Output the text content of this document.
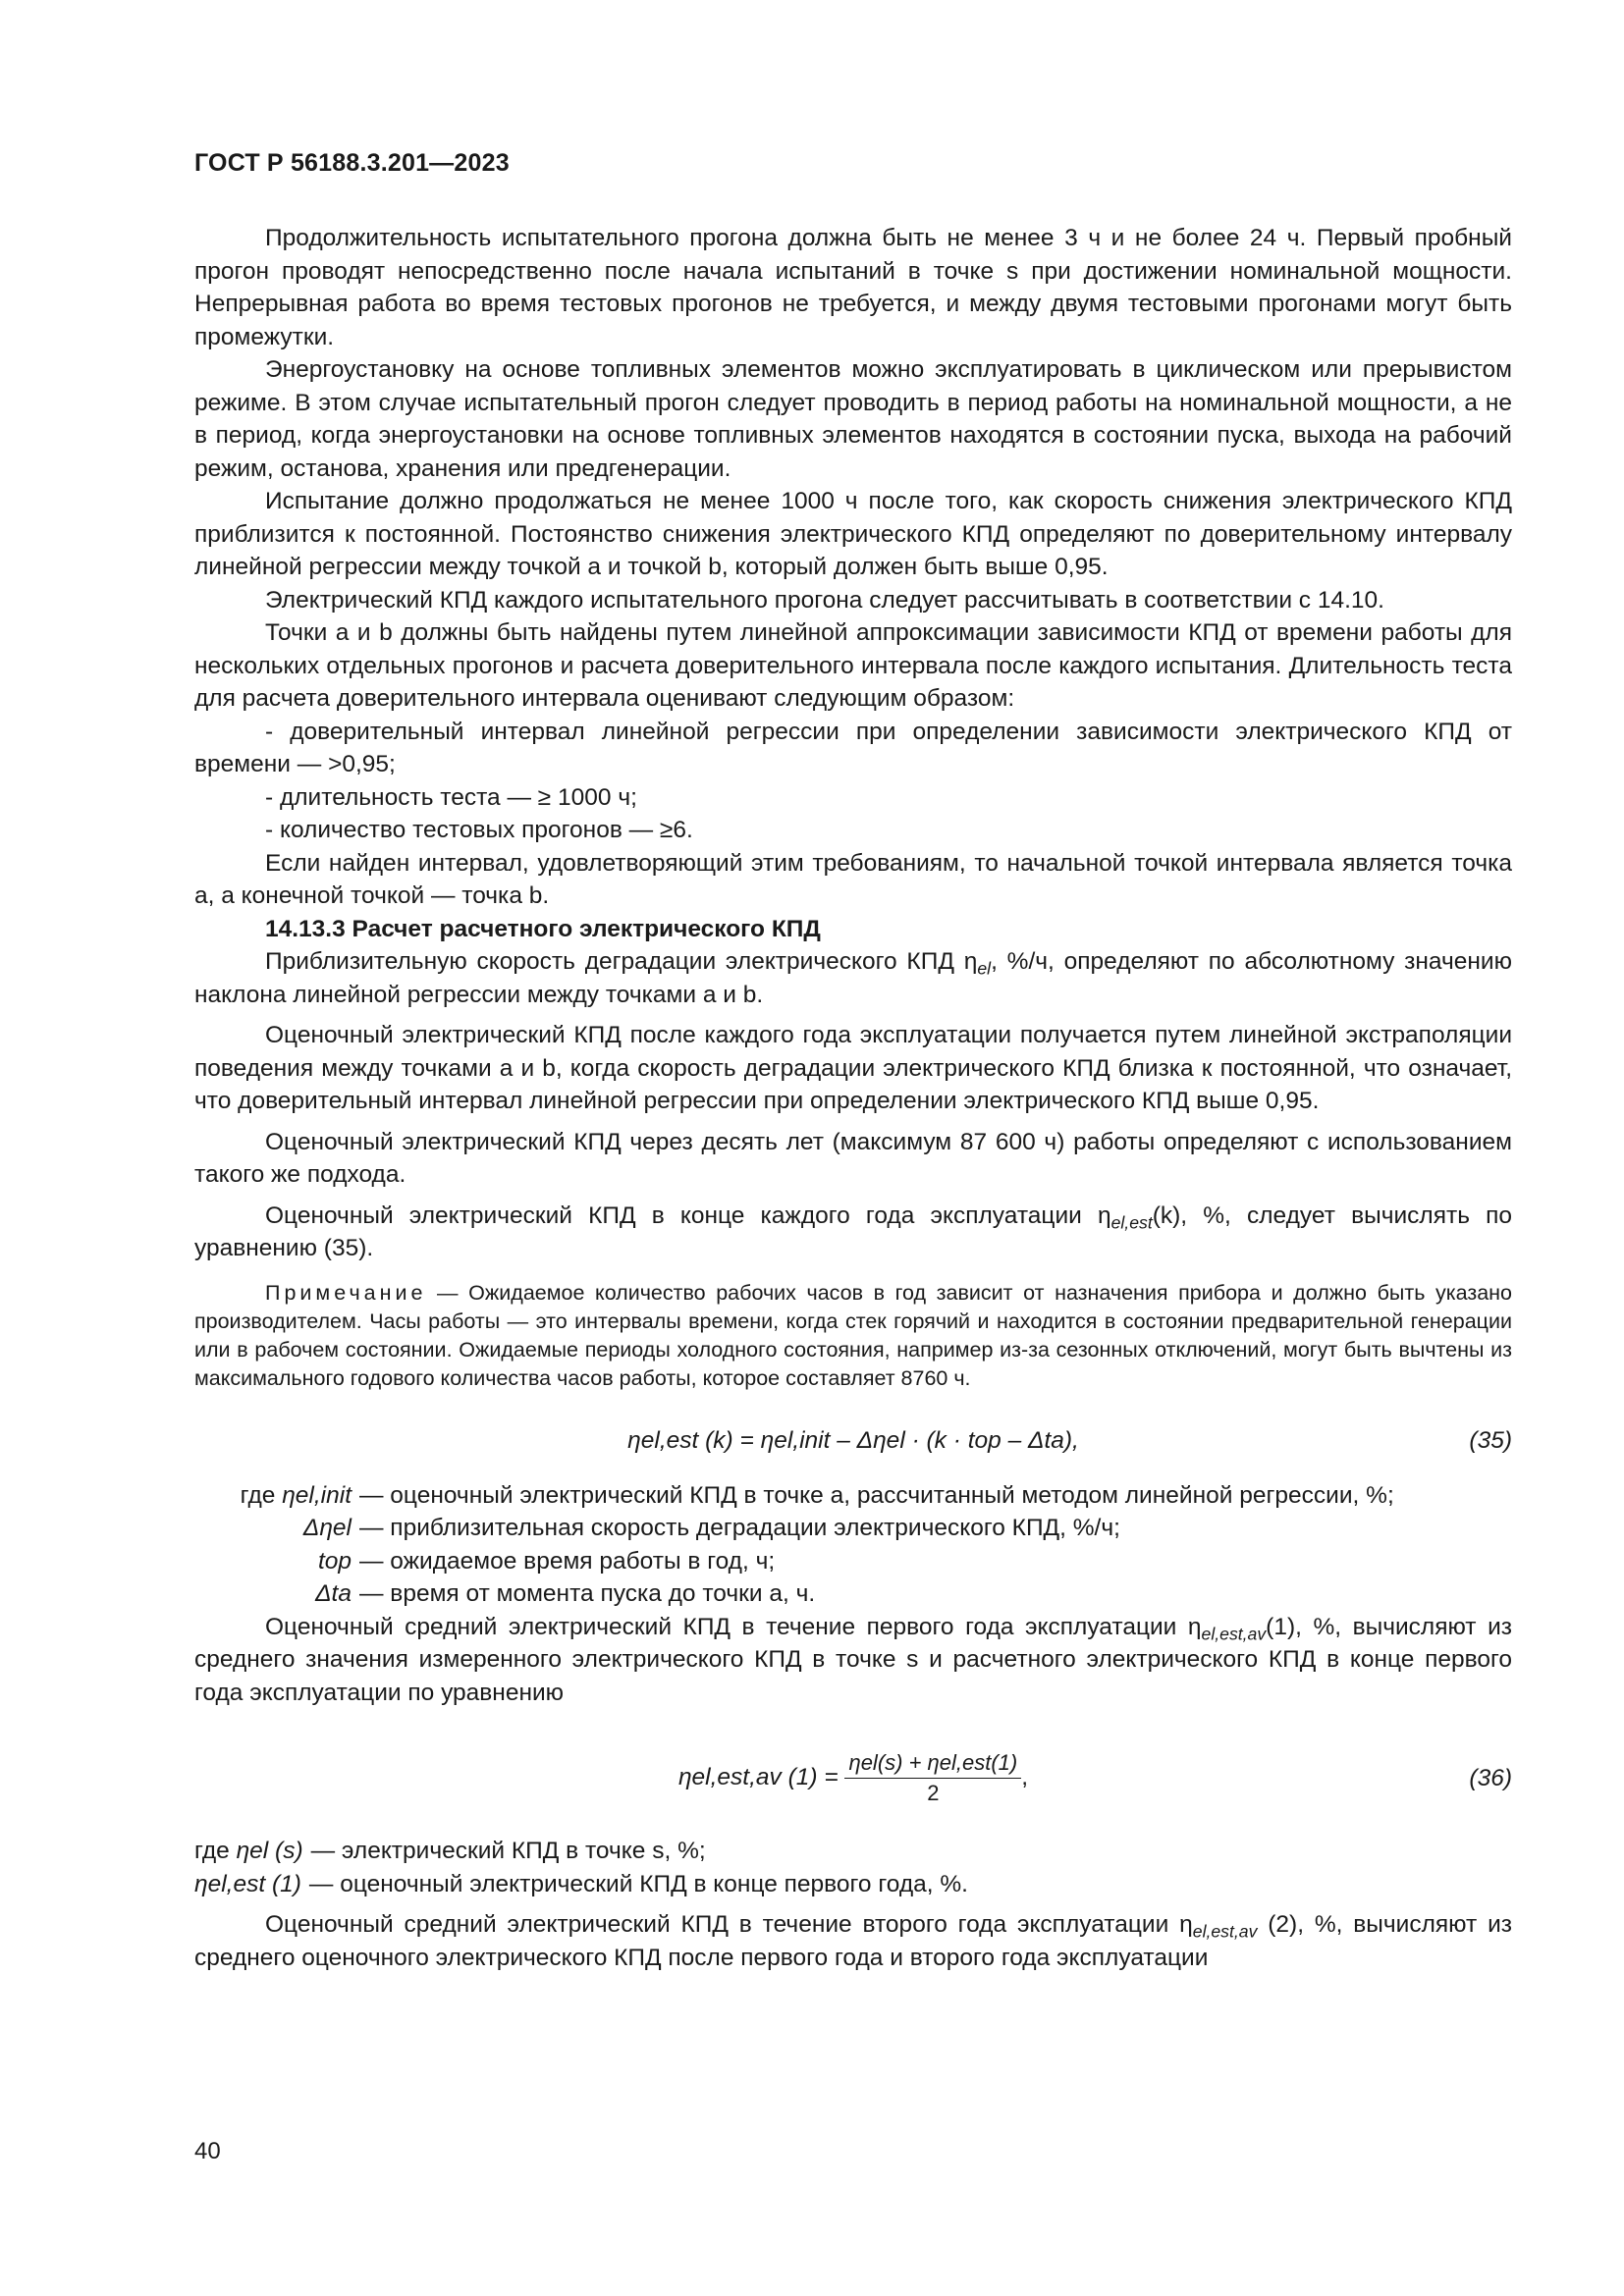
ГОСТ Р 56188.3.201—2023

Продолжительность испытательного прогона должна быть не менее 3 ч и не более 24 ч. Первый пробный прогон проводят непосредственно после начала испытаний в точке s при достижении номинальной мощности. Непрерывная работа во время тестовых прогонов не требуется, и между двумя тестовыми прогонами могут быть промежутки.

Энергоустановку на основе топливных элементов можно эксплуатировать в циклическом или прерывистом режиме. В этом случае испытательный прогон следует проводить в период работы на номинальной мощности, а не в период, когда энергоустановки на основе топливных элементов находятся в состоянии пуска, выхода на рабочий режим, останова, хранения или предгенерации.

Испытание должно продолжаться не менее 1000 ч после того, как скорость снижения электрического КПД приблизится к постоянной. Постоянство снижения электрического КПД определяют по доверительному интервалу линейной регрессии между точкой a и точкой b, который должен быть выше 0,95.

Электрический КПД каждого испытательного прогона следует рассчитывать в соответствии с 14.10.

Точки a и b должны быть найдены путем линейной аппроксимации зависимости КПД от времени работы для нескольких отдельных прогонов и расчета доверительного интервала после каждого испытания. Длительность теста для расчета доверительного интервала оценивают следующим образом:

- доверительный интервал линейной регрессии при определении зависимости электрического КПД от времени — >0,95;

- длительность теста — ≥ 1000 ч;

- количество тестовых прогонов — ≥6.

Если найден интервал, удовлетворяющий этим требованиям, то начальной точкой интервала является точка a, а конечной точкой — точка b.

14.13.3 Расчет расчетного электрического КПД

Приблизительную скорость деградации электрического КПД $\eta_{el}$, %/ч, определяют по абсолютному значению наклона линейной регрессии между точками a и b.

Оценочный электрический КПД после каждого года эксплуатации получается путем линейной экстраполяции поведения между точками a и b, когда скорость деградации электрического КПД близка к постоянной, что означает, что доверительный интервал линейной регрессии при определении электрического КПД выше 0,95.

Оценочный электрический КПД через десять лет (максимум 87 600 ч) работы определяют с использованием такого же подхода.

Оценочный электрический КПД в конце каждого года эксплуатации $\eta_{el,est}(k)$, %, следует вычислять по уравнению (35).

Примечание — Ожидаемое количество рабочих часов в год зависит от назначения прибора и должно быть указано производителем. Часы работы — это интервалы времени, когда стек горячий и находится в состоянии предварительной генерации или в рабочем состоянии. Ожидаемые периоды холодного состояния, например из-за сезонных отключений, могут быть вычтены из максимального годового количества часов работы, которое составляет 8760 ч.

ηel,est (k) = ηel,init – Δηel · (k · top – Δta),	(35)
где ηel,init — оценочный электрический КПД в точке a, рассчитанный методом линейной регрессии, %;
Δηel — приблизительная скорость деградации электрического КПД, %/ч;
top — ожидаемое время работы в год, ч;
Δta — время от момента пуска до точки a, ч.

Оценочный средний электрический КПД в течение первого года эксплуатации $\eta_{el,est,av}(1)$, %, вычисляют из среднего значения измеренного электрического КПД в точке s и расчетного электрического КПД в конце первого года эксплуатации по уравнению

ηel,est,av $(1) = \frac{\text{ηel(s) + ηel,est(1)}}{2}$ ,	(36)
где ηel (s) — электрический КПД в точке s, %;
ηel,est (1) — оценочный электрический КПД в конце первого года, %.

Оценочный средний электрический КПД в течение второго года эксплуатации $\eta_{el,est,av}$ (2), %, вычисляют из среднего оценочного электрического КПД после первого года и второго года эксплуатации

40
